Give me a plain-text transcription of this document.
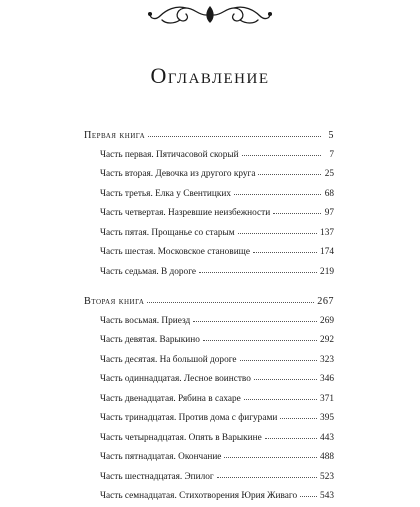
Оглавление
Первая книга	5
Часть первая. Пятичасовой скорый	7
Часть вторая. Девочка из другого круга	25
Часть третья. Елка у Свентицких	68
Часть четвертая. Назревшие неизбежности	97
Часть пятая. Прощанье со старым	137
Часть шестая. Московское становище	174
Часть седьмая. В дороге	219
Вторая книга	267
Часть восьмая. Приезд	269
Часть девятая. Варыкино	292
Часть десятая. На большой дороге	323
Часть одиннадцатая. Лесное воинство	346
Часть двенадцатая. Рябина в сахаре	371
Часть тринадцатая. Против дома с фигурами	395
Часть четырнадцатая. Опять в Варыкине	443
Часть пятнадцатая. Окончание	488
Часть шестнадцатая. Эпилог	523
Часть семнадцатая. Стихотворения Юрия Живаго 543
